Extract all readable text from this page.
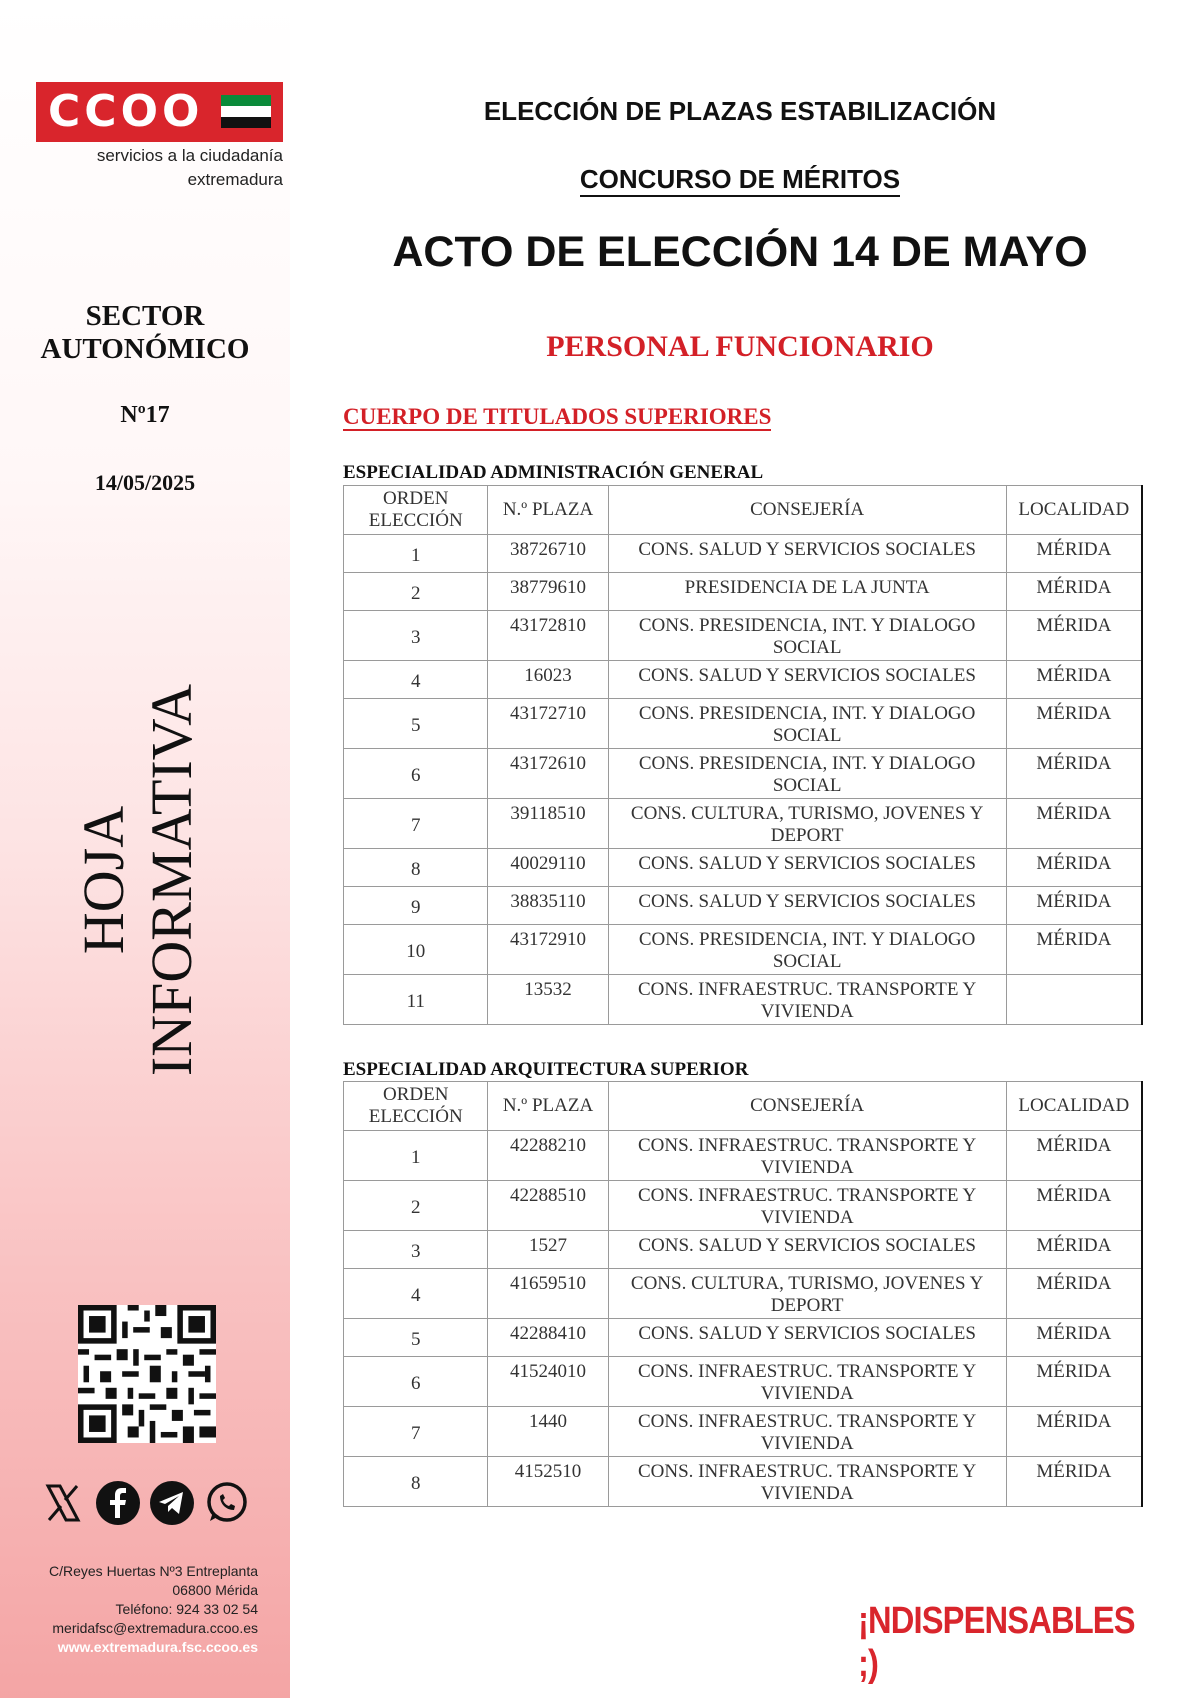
CCOO
servicios a la ciudadanía
extremadura
SECTOR
AUTONÓMICO
Nº17
14/05/2025
HOJA INFORMATIVA
C/Reyes Huertas Nº3 Entreplanta
06800 Mérida
Teléfono: 924 33 02 54
meridafsc@extremadura.ccoo.es
www.extremadura.fsc.ccoo.es
ELECCIÓN DE PLAZAS ESTABILIZACIÓN
CONCURSO DE MÉRITOS
ACTO DE ELECCIÓN 14 DE MAYO
PERSONAL FUNCIONARIO
CUERPO DE TITULADOS SUPERIORES
ESPECIALIDAD ADMINISTRACIÓN GENERAL
ORDEN
ELECCIÓN	N.º PLAZA	CONSEJERÍA	LOCALIDAD
1	38726710	CONS. SALUD Y SERVICIOS SOCIALES	MÉRIDA
2	38779610	PRESIDENCIA DE LA JUNTA	MÉRIDA
3	43172810	CONS. PRESIDENCIA, INT. Y DIALOGO
SOCIAL	MÉRIDA
4	16023	CONS. SALUD Y SERVICIOS SOCIALES	MÉRIDA
5	43172710	CONS. PRESIDENCIA, INT. Y DIALOGO
SOCIAL	MÉRIDA
6	43172610	CONS. PRESIDENCIA, INT. Y DIALOGO
SOCIAL	MÉRIDA
7	39118510	CONS. CULTURA, TURISMO, JOVENES Y
DEPORT	MÉRIDA
8	40029110	CONS. SALUD Y SERVICIOS SOCIALES	MÉRIDA
9	38835110	CONS. SALUD Y SERVICIOS SOCIALES	MÉRIDA
10	43172910	CONS. PRESIDENCIA, INT. Y DIALOGO
SOCIAL	MÉRIDA
11	13532	CONS. INFRAESTRUC. TRANSPORTE Y
VIVIENDA	

ESPECIALIDAD ARQUITECTURA SUPERIOR
ORDEN
ELECCIÓN	N.º PLAZA	CONSEJERÍA	LOCALIDAD
1	42288210	CONS. INFRAESTRUC. TRANSPORTE Y
VIVIENDA	MÉRIDA
2	42288510	CONS. INFRAESTRUC. TRANSPORTE Y
VIVIENDA	MÉRIDA
3	1527	CONS. SALUD Y SERVICIOS SOCIALES	MÉRIDA
4	41659510	CONS. CULTURA, TURISMO, JOVENES Y
DEPORT	MÉRIDA
5	42288410	CONS. SALUD Y SERVICIOS SOCIALES	MÉRIDA
6	41524010	CONS. INFRAESTRUC. TRANSPORTE Y
VIVIENDA	MÉRIDA
7	1440	CONS. INFRAESTRUC. TRANSPORTE Y
VIVIENDA	MÉRIDA
8	4152510	CONS. INFRAESTRUC. TRANSPORTE Y
VIVIENDA	MÉRIDA
¡NDISPENSABLES ;)
